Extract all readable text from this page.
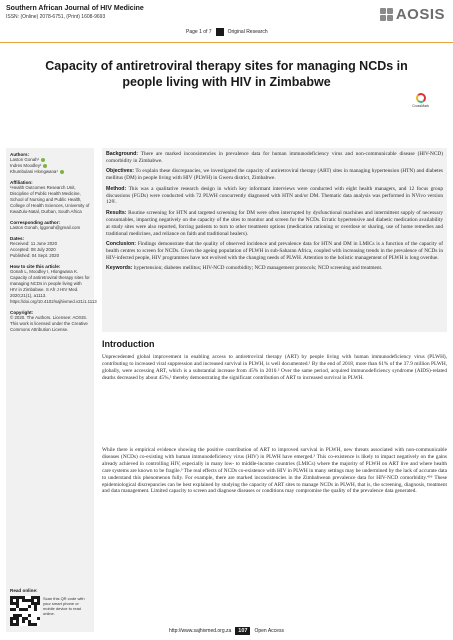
Southern African Journal of HIV Medicine
ISSN: (Online) 2078-6751, (Print) 1608-9693	AOSIS
Page 1 of 7	Original Research
Capacity of antiretroviral therapy sites for managing NCDs in people living with HIV in Zimbabwe
CrossMark
Authors:
Laston Gonah¹
Indres Moodley¹
Khumbulani Hlongwana¹
Affiliation:
¹Health Outcomes Research Unit, Discipline of Public Health Medicine, School of Nursing and Public Health, College of Health Sciences, University of KwaZulu-Natal, Durban, South Africa
Corresponding author:
Laston Gonah, lggonah@gmail.com
Dates:
Received: 11 June 2020
Accepted: 08 July 2020
Published: 04 Sept. 2020
How to cite this article:
Gonah L, Moodley I, Hlongwana K. Capacity of antiretroviral therapy sites for managing NCDs in people living with HIV in Zimbabwe. S Afr J HIV Med. 2020;21(1), a1113. https://doi.org/10.4102/sajhivmed.v21i1.1113
Copyright:
© 2020. The Authors. Licensee: AOSIS. This work is licensed under the Creative Commons Attribution License.
Read online:
Scan this QR code with your smart phone or mobile device to read online.

Background: There are marked inconsistencies in prevalence data for human immunodeficiency virus and non-communicable disease (HIV-NCD) comorbidity in Zimbabwe.

Objectives: To explain these discrepancies, we investigated the capacity of antiretroviral therapy (ART) sites in managing hypertension (HTN) and diabetes mellitus (DM) in people living with HIV (PLWH) in Gweru district, Zimbabwe.

Method: This was a qualitative research design in which key informant interviews were conducted with eight health managers, and 12 focus group discussions (FGDs) were conducted with 72 PLWH concurrently diagnosed with HTN and/or DM. Thematic data analysis was performed in NVivo version 12®.

Results: Routine screening for HTN and targeted screening for DM were often interrupted by dysfunctional machines and intermittent supply of necessary consumables, impacting negatively on the capacity of the sites to monitor and screen for the NCDs. Erratic hypertensive and diabetic medication availability at study sites were also reported, forcing patients to turn to other treatment options (medication rationing or overdose or sharing, use of home remedies and traditional medicines, and reliance on faith and traditional healers).

Conclusion: Findings demonstrate that the quality of observed incidence and prevalence data for HTN and DM in LMICs is a function of the capacity of health centres to screen for NCDs. Given the ageing population of PLWH in sub-Saharan Africa, coupled with increasing trends in the prevalence of NCDs in HIV-infected people, HIV programmes have not evolved with the changing needs of PLWH. Attention to the holistic management of PLWH is long overdue.

Keywords: hypertension; diabetes mellitus; HIV-NCD comorbidity; NCD management protocols; NCD screening and treatment.

Introduction

Unprecedented global improvement in enabling access to antiretroviral therapy (ART) by people living with human immunodeficiency virus (PLWH), contributing to increased viral suppression and increased survival in PLWH, is well documented.¹ By the end of 2018, more than 61% of the 37.9 million PLWH, globally, were accessing ART, which is a substantial increase from 45% in 2010.² Over the same period, acquired immunodeficiency syndrome (AIDS)-related deaths decreased by about 45%,² thereby demonstrating the significant contribution of ART to increased survival in PLWH.

While there is empirical evidence showing the positive contribution of ART to improved survival in PLWH, new threats associated with non-communicable diseases (NCDs) co-existing with human immunodeficiency virus (HIV) in PLWH have emerged.³ This co-existence is likely to impact negatively on the gains already achieved in controlling HIV, especially in many low- to middle-income countries (LMICs) where the majority of PLWH on ART live and where health care systems are known to be fragile.³ The real effects of NCDs co-existence with HIV in PLWH in many settings may be undermined by the lack of accurate data to understand this phenomenon fully. For example, there are marked inconsistencies in the Zimbabwean prevalence data for HIV-NCD comorbidity.⁴⁵⁶ These epidemiological discrepancies can be best explained by studying the capacity of ART sites to manage NCDs in PLWH, that is, the screening, diagnosis, treatment and data management. Limited capacity to screen and diagnose diseases or conditions may compromise the quality of the prevalence data generated.

http://www.sajhivmed.org.za	107	Open Access
